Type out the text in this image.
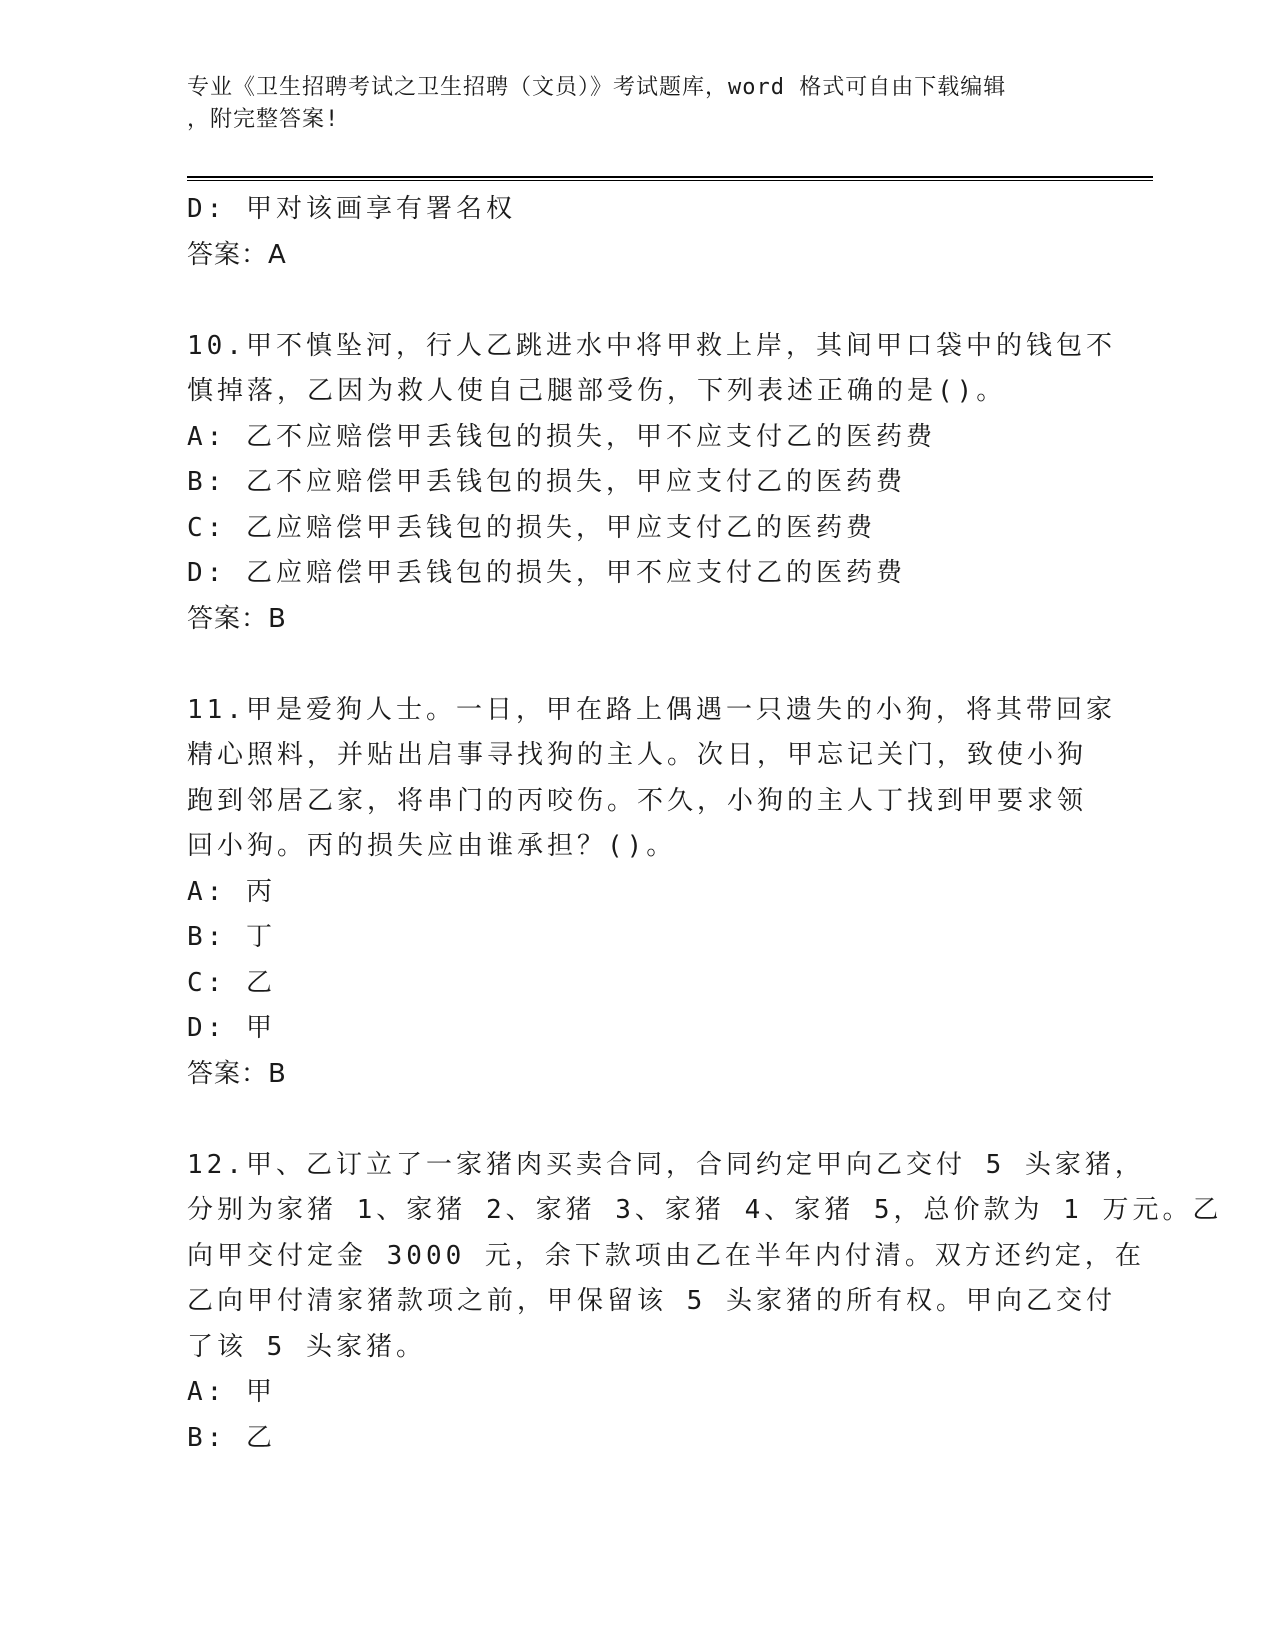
专业《卫生招聘考试之卫生招聘（文员）》考试题库，word 格式可自由下载编辑
，附完整答案!
D: 甲对该画享有署名权
答案：A
10.甲不慎坠河，行人乙跳进水中将甲救上岸，其间甲口袋中的钱包不
慎掉落，乙因为救人使自己腿部受伤，下列表述正确的是()。
A: 乙不应赔偿甲丢钱包的损失，甲不应支付乙的医药费
B: 乙不应赔偿甲丢钱包的损失，甲应支付乙的医药费
C: 乙应赔偿甲丢钱包的损失，甲应支付乙的医药费
D: 乙应赔偿甲丢钱包的损失，甲不应支付乙的医药费
答案：B
11.甲是爱狗人士。一日，甲在路上偶遇一只遗失的小狗，将其带回家
精心照料，并贴出启事寻找狗的主人。次日，甲忘记关门，致使小狗
跑到邻居乙家，将串门的丙咬伤。不久，小狗的主人丁找到甲要求领
回小狗。丙的损失应由谁承担？()。
A: 丙
B: 丁
C: 乙
D: 甲
答案：B
12.甲、乙订立了一家猪肉买卖合同，合同约定甲向乙交付 5 头家猪，
分别为家猪 1、家猪 2、家猪 3、家猪 4、家猪 5，总价款为 1 万元。乙
向甲交付定金 3000 元，余下款项由乙在半年内付清。双方还约定，在
乙向甲付清家猪款项之前，甲保留该 5 头家猪的所有权。甲向乙交付
了该 5 头家猪。
A: 甲
B: 乙
